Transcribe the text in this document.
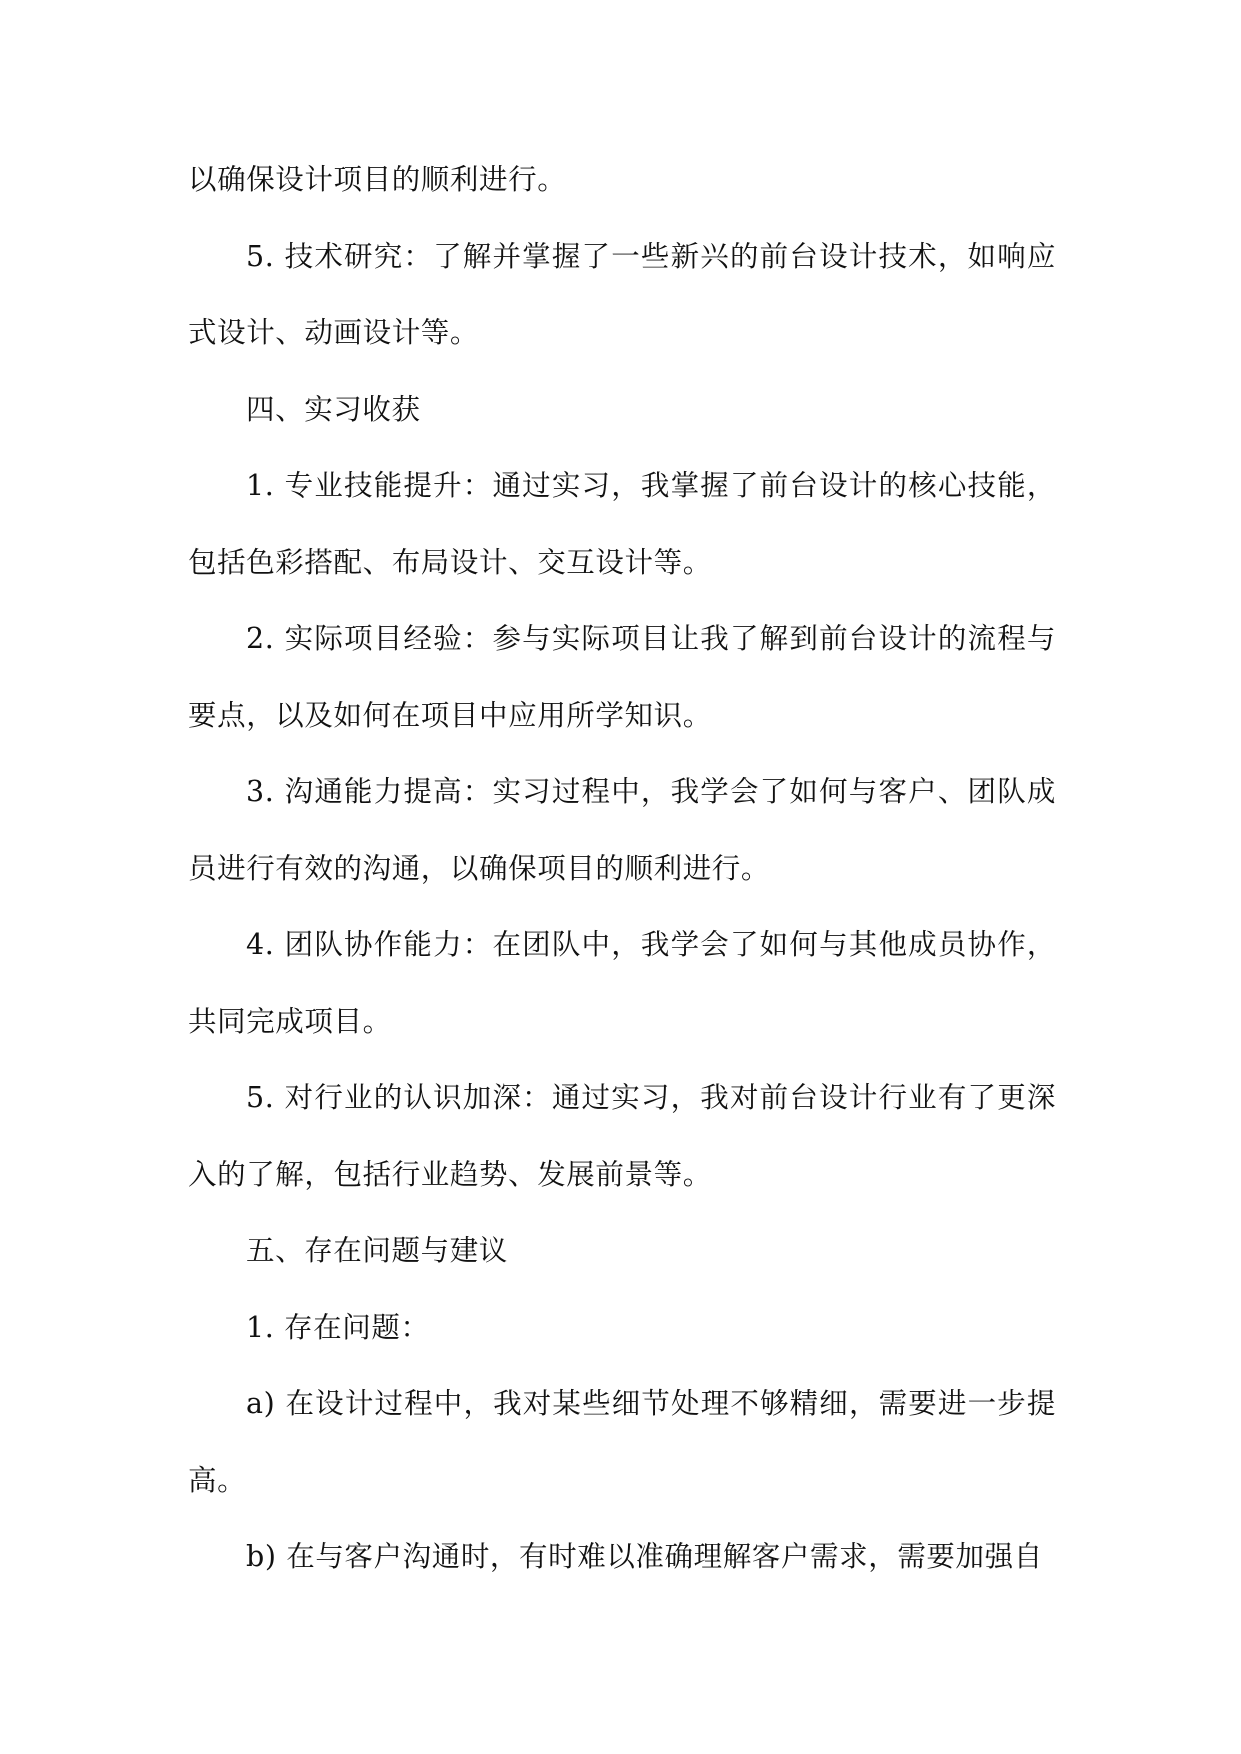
以确保设计项目的顺利进行。

5. 技术研究：了解并掌握了一些新兴的前台设计技术，如响应式设计、动画设计等。

四、实习收获

1. 专业技能提升：通过实习，我掌握了前台设计的核心技能，包括色彩搭配、布局设计、交互设计等。

2. 实际项目经验：参与实际项目让我了解到前台设计的流程与要点，以及如何在项目中应用所学知识。

3. 沟通能力提高：实习过程中，我学会了如何与客户、团队成员进行有效的沟通，以确保项目的顺利进行。

4. 团队协作能力：在团队中，我学会了如何与其他成员协作，共同完成项目。

5. 对行业的认识加深：通过实习，我对前台设计行业有了更深入的了解，包括行业趋势、发展前景等。

五、存在问题与建议

1. 存在问题：

a) 在设计过程中，我对某些细节处理不够精细，需要进一步提高。

b) 在与客户沟通时，有时难以准确理解客户需求，需要加强自
